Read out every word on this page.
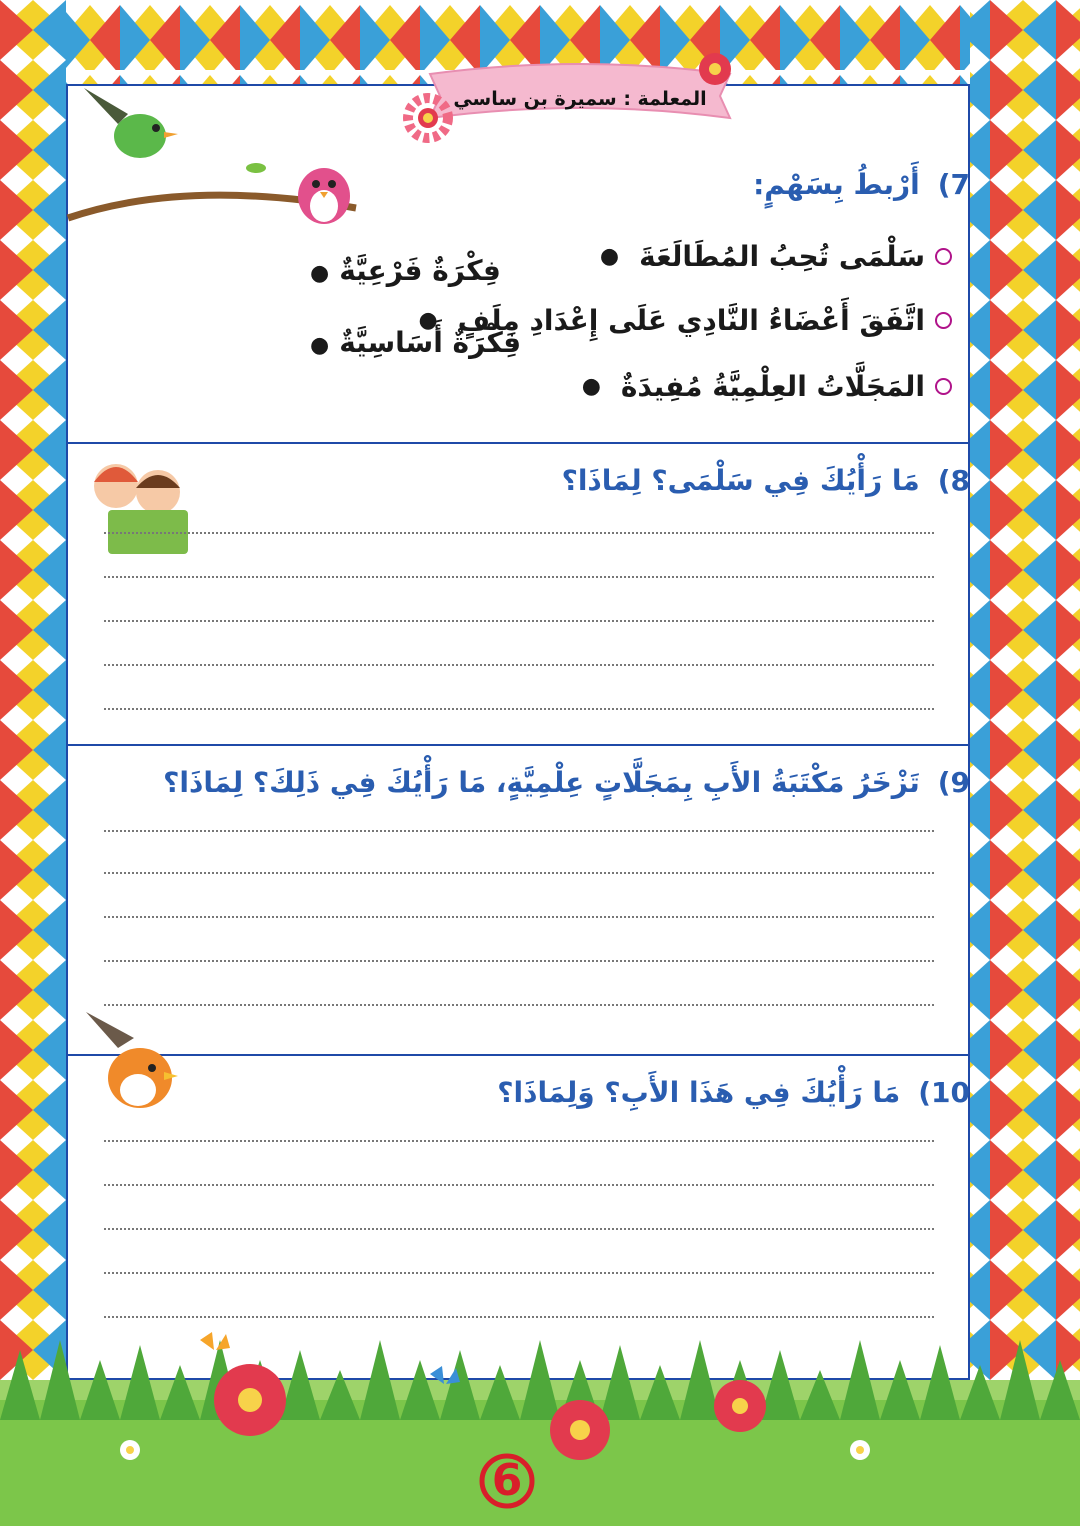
المعلمة : سميرة بن ساسي
7)أَرْبطُ بِسَهْمٍ:
سَلْمَى تُحِبُ المُطَالَعَةَ
●
اتَّفَقَ أَعْضَاءُ النَّادِي عَلَى إِعْدَادِ مِلَفٍ
●
المَجَلَّاتُ العِلْمِيَّةُ مُفِيدَةٌ
●
فِكْرَةٌ فَرْعِيَّةٌ●
فِكْرَةٌ أَسَاسِيَّةٌ●
8)مَا رَأْيُكَ فِي سَلْمَى؟ لِمَاذَا؟
9)تَزْخَرُ مَكْتَبَةُ الأَبِ بِمَجَلَّاتٍ عِلْمِيَّةٍ، مَا رَأْيُكَ فِي ذَلِكَ؟ لِمَاذَا؟
10)مَا رَأْيُكَ فِي هَذَا الأَبِ؟ وَلِمَاذَا؟
6
